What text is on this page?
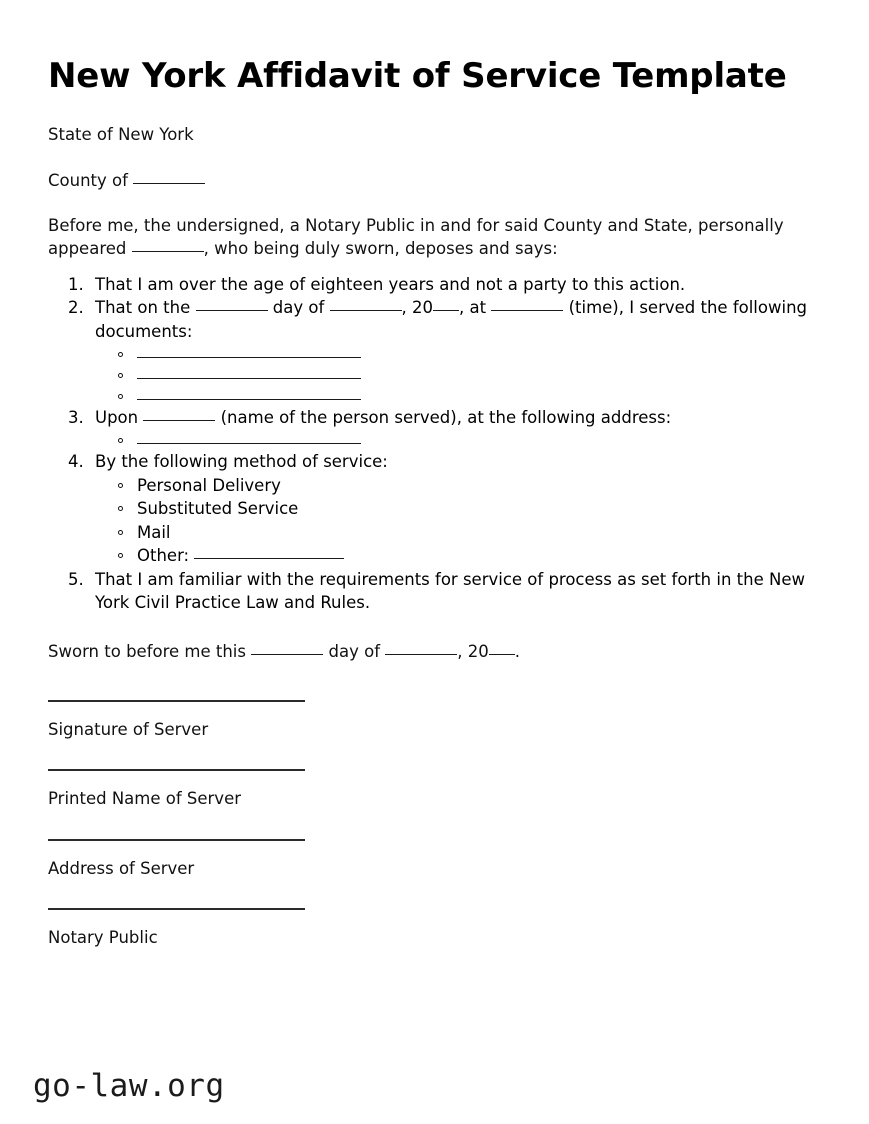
New York Affidavit of Service Template

State of New York

County of

Before me, the undersigned, a Notary Public in and for said County and State, personally appeared	, who being duly sworn, deposes and says:

1. That I am over the age of eighteen years and not a party to this action.
2. That on the	day of	, 20 , at	(time), I served the following documents:
3. Upon	(name of the person served), at the following address:
4. By the following method of service:
Personal Delivery
Substituted Service
Mail
Other:
5. That I am familiar with the requirements for service of process as set forth in the New York Civil Practice Law and Rules.

Sworn to before me this	day of	, 20 .

Signature of Server

Printed Name of Server

Address of Server

Notary Public

go-law.org
